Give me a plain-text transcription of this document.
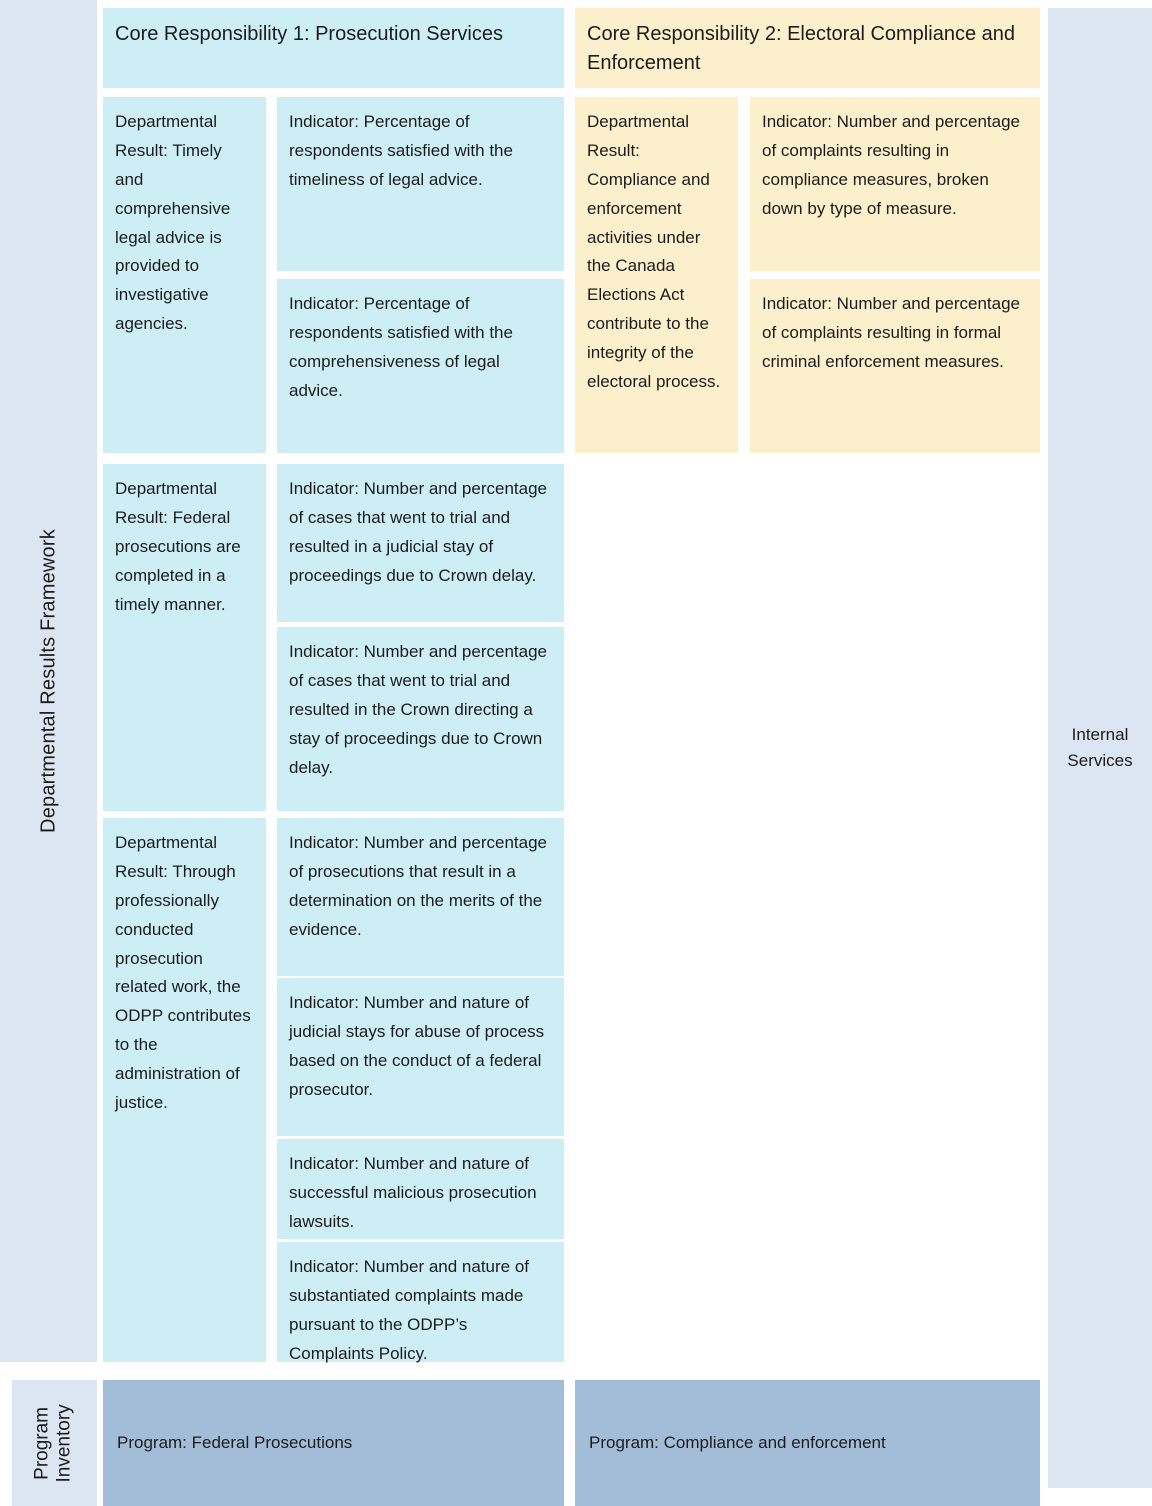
Departmental Results Framework
Program Inventory
Core Responsibility 1: Prosecution Services	Core Responsibility 2: Electoral Compliance and Enforcement
Departmental Result: Timely and comprehensive legal advice is provided to investigative agencies.
Indicator: Percentage of respondents satisfied with the timeliness of legal advice.
Indicator: Percentage of respondents satisfied with the comprehensiveness of legal advice.
Departmental Result: Federal prosecutions are completed in a timely manner.
Indicator: Number and percentage of cases that went to trial and resulted in a judicial stay of proceedings due to Crown delay.
Indicator: Number and percentage of cases that went to trial and resulted in the Crown directing a stay of proceedings due to Crown delay.
Departmental Result: Through professionally conducted prosecution related work, the ODPP contributes to the administration of justice.
Indicator: Number and percentage of prosecutions that result in a determination on the merits of the evidence.
Indicator: Number and nature of judicial stays for abuse of process based on the conduct of a federal prosecutor.
Indicator: Number and nature of successful malicious prosecution lawsuits.
Indicator: Number and nature of substantiated complaints made pursuant to the ODPP’s Complaints Policy.
Departmental Result: Compliance and enforcement activities under the Canada Elections Act contribute to the integrity of the electoral process.
Indicator: Number and percentage of complaints resulting in compliance measures, broken down by type of measure.
Indicator: Number and percentage of complaints resulting in formal criminal enforcement measures.
Internal
Services
Program: Federal Prosecutions	Program: Compliance and enforcement
